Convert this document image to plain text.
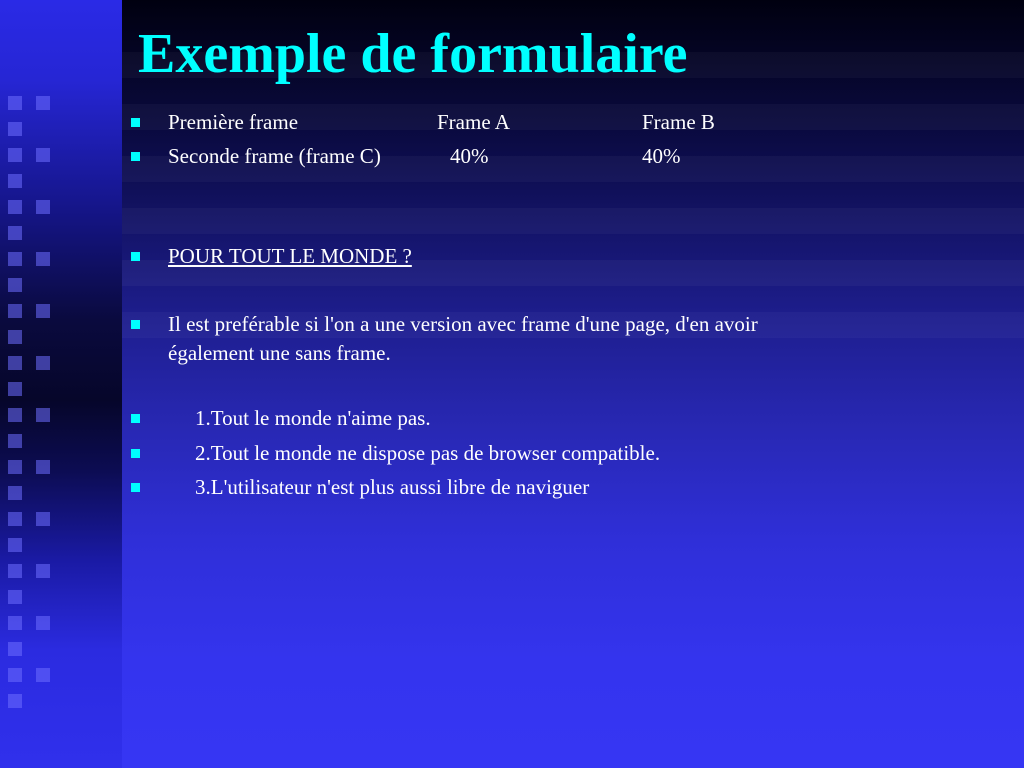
Exemple de formulaire
Première frame	Frame A	Frame B
Seconde frame (frame C)	40%	40%
POUR TOUT LE MONDE ?
Il est preférable si l'on a une version avec frame d'une page, d'en avoir
également une sans frame.
1.Tout le monde n'aime pas.
2.Tout le monde ne dispose pas de browser compatible.
3.L'utilisateur n'est plus aussi libre de naviguer
